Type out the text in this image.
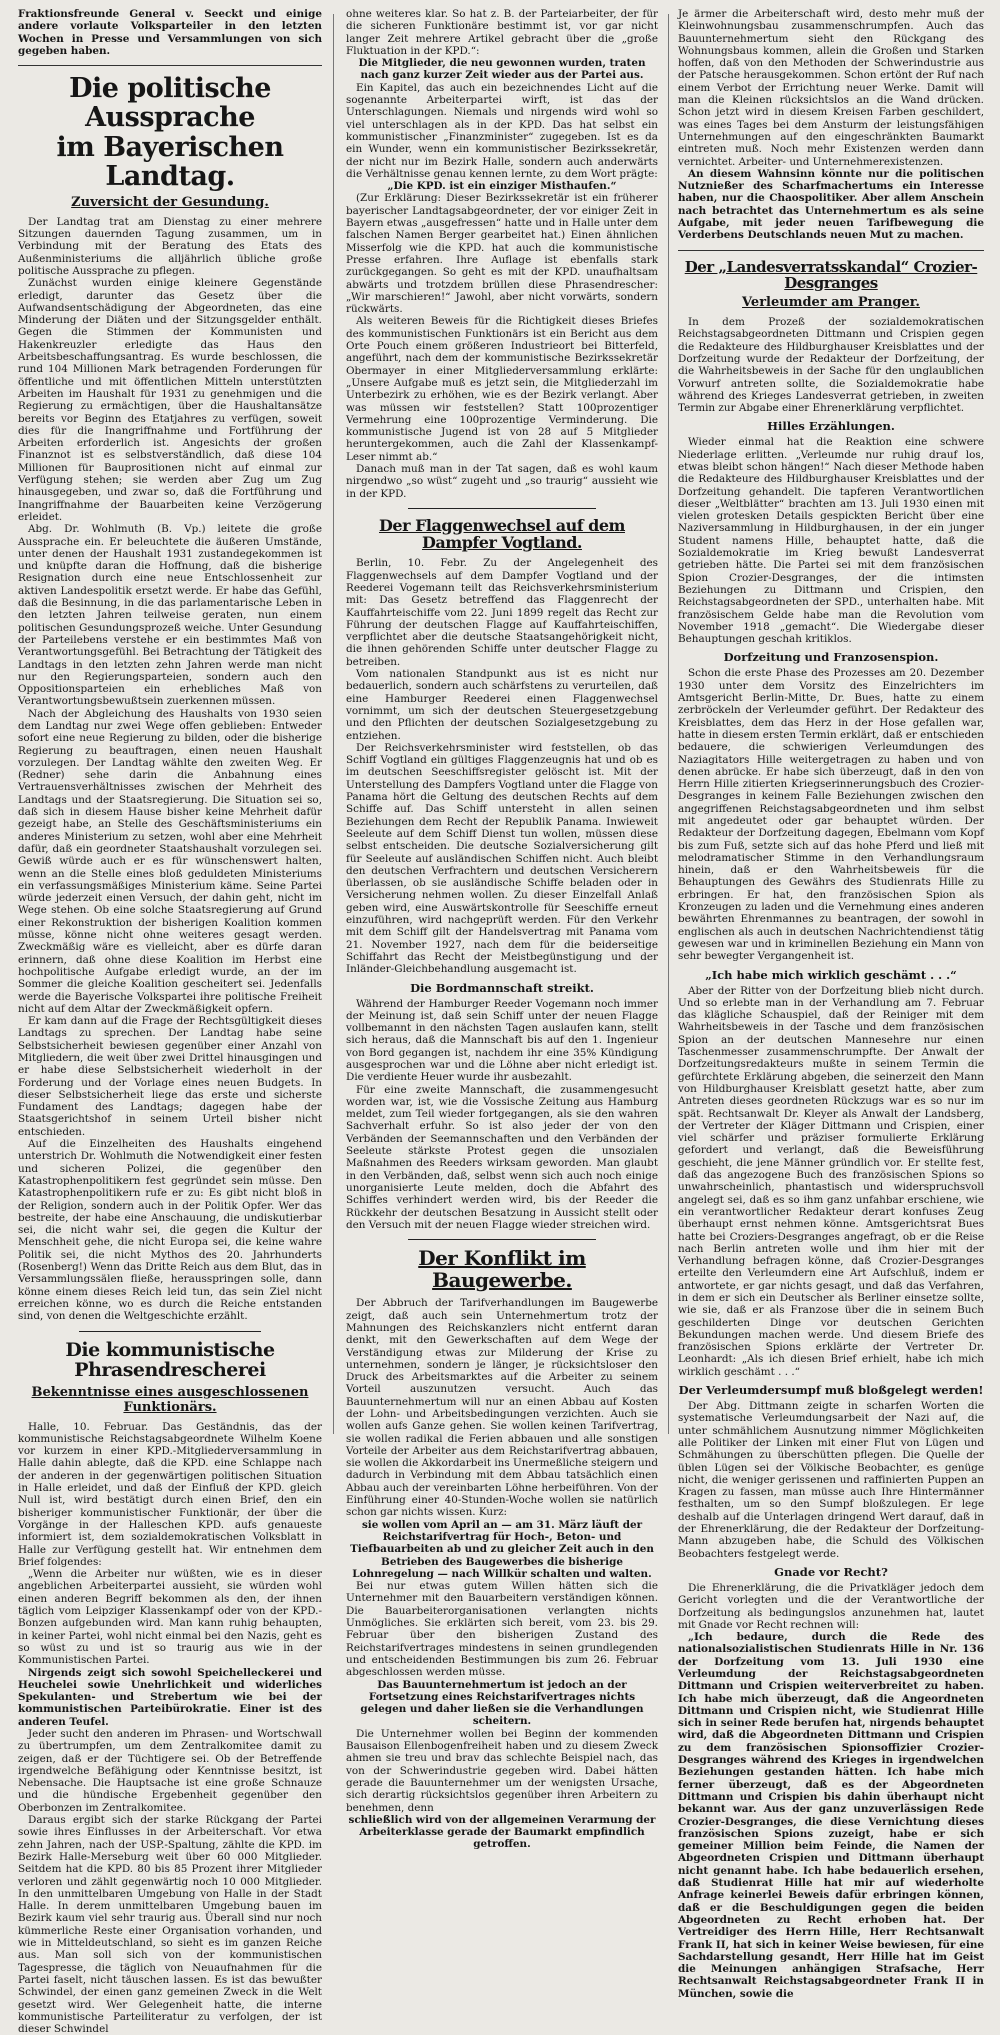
Fraktionsfreunde General v. Seeckt und einige andere vorlaute Volksparteiler in den letzten Wochen in Presse und Versammlungen von sich gegeben haben.

Die politische Aussprache
im Bayerischen Landtag.
Zuversicht der Gesundung.

Der Landtag trat am Dienstag zu einer mehrere Sitzungen dauernden Tagung zusammen, um in Verbindung mit der Beratung des Etats des Außenministeriums die alljährlich übliche große politische Aussprache zu pflegen.

Zunächst wurden einige kleinere Gegenstände erledigt, darunter das Gesetz über die Aufwandsentschädigung der Abgeordneten, das eine Minderung der Diäten und der Sitzungsgelder enthält. Gegen die Stimmen der Kommunisten und Hakenkreuzler erledigte das Haus den Arbeitsbeschaffungsantrag. Es wurde beschlossen, die rund 104 Millionen Mark betragenden Forderungen für öffentliche und mit öffentlichen Mitteln unterstützten Arbeiten im Haushalt für 1931 zu genehmigen und die Regierung zu ermächtigen, über die Haushaltansätze bereits vor Beginn des Etatjahres zu verfügen, soweit dies für die Inangriffnahme und Fortführung der Arbeiten erforderlich ist. Angesichts der großen Finanznot ist es selbstverständlich, daß diese 104 Millionen für Bauprositionen nicht auf einmal zur Verfügung stehen; sie werden aber Zug um Zug hinausgegeben, und zwar so, daß die Fortführung und Inangriffnahme der Bauarbeiten keine Verzögerung erleidet.

Abg. Dr. Wohlmuth (B. Vp.) leitete die große Aussprache ein. Er beleuchtete die äußeren Umstände, unter denen der Haushalt 1931 zustandegekommen ist und knüpfte daran die Hoffnung, daß die bisherige Resignation durch eine neue Entschlossenheit zur aktiven Landespolitik ersetzt werde. Er habe das Gefühl, daß die Besinnung, in die das parlamentarische Leben in den letzten Jahren teilweise geraten, nun einem politischen Gesundungsprozeß weiche. Unter Gesundung der Parteilebens verstehe er ein bestimmtes Maß von Verantwortungsgefühl. Bei Betrachtung der Tätigkeit des Landtags in den letzten zehn Jahren werde man nicht nur den Regierungsparteien, sondern auch den Oppositionsparteien ein erhebliches Maß von Verantwortungsbewußtsein zuerkennen müssen.

Nach der Abgleichung des Haushalts von 1930 seien dem Landtag nur zwei Wege offen geblieben: Entweder sofort eine neue Regierung zu bilden, oder die bisherige Regierung zu beauftragen, einen neuen Haushalt vorzulegen. Der Landtag wählte den zweiten Weg. Er (Redner) sehe darin die Anbahnung eines Vertrauensverhältnisses zwischen der Mehrheit des Landtags und der Staatsregierung. Die Situation sei so, daß sich in diesem Hause bisher keine Mehrheit dafür gezeigt habe, an Stelle des Geschäftsministeriums ein anderes Ministerium zu setzen, wohl aber eine Mehrheit dafür, daß ein geordneter Staatshaushalt vorzulegen sei. Gewiß würde auch er es für wünschenswert halten, wenn an die Stelle eines bloß geduldeten Ministeriums ein verfassungsmäßiges Ministerium käme. Seine Partei würde jederzeit einen Versuch, der dahin geht, nicht im Wege stehen. Ob eine solche Staatsregierung auf Grund einer Rekonstruktion der bisherigen Koalition kommen müsse, könne nicht ohne weiteres gesagt werden. Zweckmäßig wäre es vielleicht, aber es dürfe daran erinnern, daß ohne diese Koalition im Herbst eine hochpolitische Aufgabe erledigt wurde, an der im Sommer die gleiche Koalition gescheitert sei. Jedenfalls werde die Bayerische Volkspartei ihre politische Freiheit nicht auf dem Altar der Zweckmäßigkeit opfern.

Er kam dann auf die Frage der Rechtsgültigkeit dieses Landtags zu sprechen. Der Landtag habe seine Selbstsicherheit bewiesen gegenüber einer Anzahl von Mitgliedern, die weit über zwei Drittel hinausgingen und er habe diese Selbstsicherheit wiederholt in der Forderung und der Vorlage eines neuen Budgets. In dieser Selbstsicherheit liege das erste und sicherste Fundament des Landtags; dagegen habe der Staatsgerichtshof in seinem Urteil bisher nicht entschieden.

Auf die Einzelheiten des Haushalts eingehend unterstrich Dr. Wohlmuth die Notwendigkeit einer festen und sicheren Polizei, die gegenüber den Katastrophenpolitikern fest gegründet sein müsse. Den Katastrophenpolitikern rufe er zu: Es gibt nicht bloß in der Religion, sondern auch in der Politik Opfer. Wer das bestreite, der habe eine Anschauung, die undiskutierbar sei, die nicht wahr sei, die gegen die Kultur der Menschheit gehe, die nicht Europa sei, die keine wahre Politik sei, die nicht Mythos des 20. Jahrhunderts (Rosenberg!) Wenn das Dritte Reich aus dem Blut, das in Versammlungssälen fließe, herausspringen solle, dann könne einem dieses Reich leid tun, das sein Ziel nicht erreichen könne, wo es durch die Reiche entstanden sind, von denen die Weltgeschichte erzählt.

Die kommunistische Phrasendrescherei
Bekenntnisse eines ausgeschlossenen Funktionärs.

Halle, 10. Februar. Das Geständnis, das der kommunistische Reichstagsabgeordnete Wilhelm Koene vor kurzem in einer KPD.-Mitgliederversammlung in Halle dahin ablegte, daß die KPD. eine Schlappe nach der anderen in der gegenwärtigen politischen Situation in Halle erleidet, und daß der Einfluß der KPD. gleich Null ist, wird bestätigt durch einen Brief, den ein bisheriger kommunistischer Funktionär, der über die Vorgänge in der Halleschen KPD. aufs genaueste informiert ist, dem sozialdemokratischen Volksblatt in Halle zur Verfügung gestellt hat. Wir entnehmen dem Brief folgendes:

„Wenn die Arbeiter nur wüßten, wie es in dieser angeblichen Arbeiterpartei aussieht, sie würden wohl einen anderen Begriff bekommen als den, der ihnen täglich vom Leipziger Klassenkampf oder von der KPD.-Bonzen aufgebunden wird. Man kann ruhig behaupten, in keiner Partei, wohl nicht einmal bei den Nazis, geht es so wüst zu und ist so traurig aus wie in der Kommunistischen Partei.

Nirgends zeigt sich sowohl Speichelleckerei und Heuchelei sowie Unehrlichkeit und widerliches Spekulanten- und Strebertum wie bei der kommunistischen Parteibürokratie. Einer ist des anderen Teufel.

Jeder sucht den anderen im Phrasen- und Wortschwall zu übertrumpfen, um dem Zentralkomitee damit zu zeigen, daß er der Tüchtigere sei. Ob der Betreffende irgendwelche Befähigung oder Kenntnisse besitzt, ist Nebensache. Die Hauptsache ist eine große Schnauze und die hündische Ergebenheit gegenüber den Oberbonzen im Zentralkomitee.

Daraus ergibt sich der starke Rückgang der Partei sowie ihres Einflusses in der Arbeiterschaft. Vor etwa zehn Jahren, nach der USP.-Spaltung, zählte die KPD. im Bezirk Halle-Merseburg weit über 60 000 Mitglieder. Seitdem hat die KPD. 80 bis 85 Prozent ihrer Mitglieder verloren und zählt gegenwärtig noch 10 000 Mitglieder. In den unmittelbaren Umgebung von Halle in der Stadt Halle. In derem unmittelbaren Umgebung bauen im Bezirk kaum viel sehr traurig aus. Überall sind nur noch kümmerliche Reste einer Organisation vorhanden, und wie in Mitteldeutschland, so sieht es im ganzen Reiche aus. Man soll sich von der kommunistischen Tagespresse, die täglich von Neuaufnahmen für die Partei faselt, nicht täuschen lassen. Es ist das bewußter Schwindel, der einen ganz gemeinen Zweck in die Welt gesetzt wird. Wer Gelegenheit hatte, die interne kommunistische Parteiliteratur zu verfolgen, der ist dieser Schwindel

ohne weiteres klar. So hat z. B. der Parteiarbeiter, der für die sicheren Funktionäre bestimmt ist, vor gar nicht langer Zeit mehrere Artikel gebracht über die „große Fluktuation in der KPD.“:

Die Mitglieder, die neu gewonnen wurden, traten nach ganz kurzer Zeit wieder aus der Partei aus.

Ein Kapitel, das auch ein bezeichnendes Licht auf die sogenannte Arbeiterpartei wirft, ist das der Unterschlagungen. Niemals und nirgends wird wohl so viel unterschlagen als in der KPD. Das hat selbst ein kommunistischer „Finanzminister“ zugegeben. Ist es da ein Wunder, wenn ein kommunistischer Bezirkssekretär, der nicht nur im Bezirk Halle, sondern auch anderwärts die Verhältnisse genau kennen lernte, zu dem Wort prägte:

„Die KPD. ist ein einziger Misthaufen.“

(Zur Erklärung: Dieser Bezirkssekretär ist ein früherer bayerischer Landtagsabgeordneter, der vor einiger Zeit in Bayern etwas „ausgefressen“ hatte und in Halle unter dem falschen Namen Berger gearbeitet hat.) Einen ähnlichen Misserfolg wie die KPD. hat auch die kommunistische Presse erfahren. Ihre Auflage ist ebenfalls stark zurückgegangen. So geht es mit der KPD. unaufhaltsam abwärts und trotzdem brüllen diese Phrasendrescher: „Wir marschieren!“ Jawohl, aber nicht vorwärts, sondern rückwärts.

Als weiteren Beweis für die Richtigkeit dieses Briefes des kommunistischen Funktionärs ist ein Bericht aus dem Orte Pouch einem größeren Industrieort bei Bitterfeld, angeführt, nach dem der kommunistische Bezirkssekretär Obermayer in einer Mitgliederversammlung erklärte: „Unsere Aufgabe muß es jetzt sein, die Mitgliederzahl im Unterbezirk zu erhöhen, wie es der Bezirk verlangt. Aber was müssen wir feststellen? Statt 100prozentiger Vermehrung eine 100prozentige Verminderung. Die kommunistische Jugend ist von 28 auf 5 Mitglieder heruntergekommen, auch die Zahl der Klassenkampf-Leser nimmt ab.“

Danach muß man in der Tat sagen, daß es wohl kaum nirgendwo „so wüst“ zugeht und „so traurig“ aussieht wie in der KPD.

Der Flaggenwechsel auf dem Dampfer Vogtland.

Berlin, 10. Febr. Zu der Angelegenheit des Flaggenwechsels auf dem Dampfer Vogtland und der Reederei Vogemann teilt das Reichsverkehrsministerium mit: Das Gesetz betreffend das Flaggenrecht der Kauffahrteischiffe vom 22. Juni 1899 regelt das Recht zur Führung der deutschen Flagge auf Kauffahrteischiffen, verpflichtet aber die deutsche Staatsangehörigkeit nicht, die ihnen gehörenden Schiffe unter deutscher Flagge zu betreiben.

Vom nationalen Standpunkt aus ist es nicht nur bedauerlich, sondern auch schärfstens zu verurteilen, daß eine Hamburger Reederei einen Flaggenwechsel vornimmt, um sich der deutschen Steuergesetzgebung und den Pflichten der deutschen Sozialgesetzgebung zu entziehen.

Der Reichsverkehrsminister wird feststellen, ob das Schiff Vogtland ein gültiges Flaggenzeugnis hat und ob es im deutschen Seeschiffsregister gelöscht ist. Mit der Unterstellung des Dampfers Vogtland unter die Flagge von Panama hört die Geltung des deutschen Rechts auf dem Schiffe auf. Das Schiff untersteht in allen seinen Beziehungen dem Recht der Republik Panama. Inwieweit Seeleute auf dem Schiff Dienst tun wollen, müssen diese selbst entscheiden. Die deutsche Sozialversicherung gilt für Seeleute auf ausländischen Schiffen nicht. Auch bleibt den deutschen Verfrachtern und deutschen Versicherern überlassen, ob sie ausländische Schiffe beladen oder in Versicherung nehmen wollen. Zu dieser Einzelfall Anlaß geben wird, eine Auswärtskontrolle für Seeschiffe erneut einzuführen, wird nachgeprüft werden. Für den Verkehr mit dem Schiff gilt der Handelsvertrag mit Panama vom 21. November 1927, nach dem für die beiderseitige Schiffahrt das Recht der Meistbegünstigung und der Inländer-Gleichbehandlung ausgemacht ist.

Die Bordmannschaft streikt.

Während der Hamburger Reeder Vogemann noch immer der Meinung ist, daß sein Schiff unter der neuen Flagge vollbemannt in den nächsten Tagen auslaufen kann, stellt sich heraus, daß die Mannschaft bis auf den 1. Ingenieur von Bord gegangen ist, nachdem ihr eine 35% Kündigung ausgesprochen war und die Löhne aber nicht erledigt ist. Die verdiente Heuer wurde ihr ausbezahlt.

Für eine zweite Mannschaft, die zusammengesucht worden war, ist, wie die Vossische Zeitung aus Hamburg meldet, zum Teil wieder fortgegangen, als sie den wahren Sachverhalt erfuhr. So ist also jeder der von den Verbänden der Seemannschaften und den Verbänden der Seeleute stärkste Protest gegen die unsozialen Maßnahmen des Reeders wirksam geworden. Man glaubt in den Verbänden, daß, selbst wenn sich auch noch einige unorganisierte Leute melden, doch die Abfahrt des Schiffes verhindert werden wird, bis der Reeder die Rückkehr der deutschen Besatzung in Aussicht stellt oder den Versuch mit der neuen Flagge wieder streichen wird.

Der Konflikt im Baugewerbe.

Der Abbruch der Tarifverhandlungen im Baugewerbe zeigt, daß auch sein Unternehmertum trotz der Mahnungen des Reichskanzlers nicht entfernt daran denkt, mit den Gewerkschaften auf dem Wege der Verständigung etwas zur Milderung der Krise zu unternehmen, sondern je länger, je rücksichtsloser den Druck des Arbeitsmarktes auf die Arbeiter zu seinem Vorteil auszunutzen versucht. Auch das Bauunternehmertum will nur an einen Abbau auf Kosten der Lohn- und Arbeitsbedingungen verzichten. Auch sie wollen aufs Ganze gehen. Sie wollen keinen Tarifvertrag, sie wollen radikal die Ferien abbauen und alle sonstigen Vorteile der Arbeiter aus dem Reichstarifvertrag abbauen, sie wollen die Akkordarbeit ins Unermeßliche steigern und dadurch in Verbindung mit dem Abbau tatsächlich einen Abbau auch der vereinbarten Löhne herbeiführen. Von der Einführung einer 40-Stunden-Woche wollen sie natürlich schon gar nichts wissen. Kurz:

sie wollen vom April an — am 31. März läuft der Reichstarifvertrag für Hoch-, Beton- und Tiefbauarbeiten ab und zu gleicher Zeit auch in den Betrieben des Baugewerbes die bisherige Lohnregelung — nach Willkür schalten und walten.

Bei nur etwas gutem Willen hätten sich die Unternehmer mit den Bauarbeitern verständigen können. Die Bauarbeiterorganisationen verlangten nichts Unmögliches. Sie erklärten sich bereit, vom 23. bis 29. Februar über den bisherigen Zustand des Reichstarifvertrages mindestens in seinen grundlegenden und entscheidenden Bestimmungen bis zum 26. Februar abgeschlossen werden müsse.

Das Bauunternehmertum ist jedoch an der Fortsetzung eines Reichstarifvertrages nichts gelegen und daher ließen sie die Verhandlungen scheitern.

Die Unternehmer wollen bei Beginn der kommenden Bausaison Ellenbogenfreiheit haben und zu diesem Zweck ahmen sie treu und brav das schlechte Beispiel nach, das von der Schwerindustrie gegeben wird. Dabei hätten gerade die Bauunternehmer um der wenigsten Ursache, sich derartig rücksichtslos gegenüber ihren Arbeitern zu benehmen, denn

schließlich wird von der allgemeinen Verarmung der Arbeiterklasse gerade der Baumarkt empfindlich getroffen.

Je ärmer die Arbeiterschaft wird, desto mehr muß der Kleinwohnungsbau zusammenschrumpfen. Auch das Bauunternehmertum sieht den Rückgang des Wohnungsbaus kommen, allein die Großen und Starken hoffen, daß von den Methoden der Schwerindustrie aus der Patsche herausgekommen. Schon ertönt der Ruf nach einem Verbot der Errichtung neuer Werke. Damit will man die Kleinen rücksichtslos an die Wand drücken. Schon jetzt wird in diesem Kreisen Farben geschildert, was eines Tages bei dem Ansturm der leistungsfähigen Unternehmungen auf den eingeschränkten Baumarkt eintreten muß. Noch mehr Existenzen werden dann vernichtet. Arbeiter- und Unternehmerexistenzen.

An diesem Wahnsinn könnte nur die politischen Nutznießer des Scharfmachertums ein Interesse haben, nur die Chaospolitiker. Aber allem Anschein nach betrachtet das Unternehmertum es als seine Aufgabe, mit jeder neuen Tarifbewegung die Verderbens Deutschlands neuen Mut zu machen.

Der „Landesverratsskandal“ Crozier-Desgranges
Verleumder am Pranger.

In dem Prozeß der sozialdemokratischen Reichstagsabgeordneten Dittmann und Crispien gegen die Redakteure des Hildburghauser Kreisblattes und der Dorfzeitung wurde der Redakteur der Dorfzeitung, der die Wahrheitsbeweis in der Sache für den unglaublichen Vorwurf antreten sollte, die Sozialdemokratie habe während des Krieges Landesverrat getrieben, in zweiten Termin zur Abgabe einer Ehrenerklärung verpflichtet.

Hilles Erzählungen.

Wieder einmal hat die Reaktion eine schwere Niederlage erlitten. „Verleumde nur ruhig drauf los, etwas bleibt schon hängen!“ Nach dieser Methode haben die Redakteure des Hildburghauser Kreisblattes und der Dorfzeitung gehandelt. Die tapferen Verantwortlichen dieser „Weltblätter“ brachten am 13. Juli 1930 einen mit vielen grotesken Details gespickten Bericht über eine Naziversammlung in Hildburghausen, in der ein junger Student namens Hille, behauptet hatte, daß die Sozialdemokratie im Krieg bewußt Landesverrat getrieben hätte. Die Partei sei mit dem französischen Spion Crozier-Desgranges, der die intimsten Beziehungen zu Dittmann und Crispien, den Reichstagsabgeordneten der SPD., unterhalten habe. Mit französischem Gelde habe man die Revolution vom November 1918 „gemacht“. Die Wiedergabe dieser Behauptungen geschah kritiklos.

Dorfzeitung und Franzosenspion.

Schon die erste Phase des Prozesses am 20. Dezember 1930 unter dem Vorsitz des Einzelrichters im Amtsgericht Berlin-Mitte, Dr. Bues, hatte zu einem zerbröckeln der Verleumder geführt. Der Redakteur des Kreisblattes, dem das Herz in der Hose gefallen war, hatte in diesem ersten Termin erklärt, daß er entschieden bedauere, die schwierigen Verleumdungen des Naziagitators Hille weitergetragen zu haben und von denen abrücke. Er habe sich überzeugt, daß in den von Herrn Hille zitierten Kriegserinnerungsbuch des Crozier-Desgranges in keinem Falle Beziehungen zwischen den angegriffenen Reichstagsabgeordneten und ihm selbst mit angedeutet oder gar behauptet würden. Der Redakteur der Dorfzeitung dagegen, Ebelmann vom Kopf bis zum Fuß, setzte sich auf das hohe Pferd und ließ mit melodramatischer Stimme in den Verhandlungsraum hinein, daß er den Wahrheitsbeweis für die Behauptungen des Gewährs des Studienrats Hille zu erbringen. Er hat, den französischen Spion als Kronzeugen zu laden und die Vernehmung eines anderen bewährten Ehrenmannes zu beantragen, der sowohl in englischen als auch in deutschen Nachrichtendienst tätig gewesen war und in kriminellen Beziehung ein Mann von sehr bewegter Vergangenheit ist.

„Ich habe mich wirklich geschämt . . .“

Aber der Ritter von der Dorfzeitung blieb nicht durch. Und so erlebte man in der Verhandlung am 7. Februar das klägliche Schauspiel, daß der Reiniger mit dem Wahrheitsbeweis in der Tasche und dem französischen Spion an der deutschen Mannesehre nur einen Taschenmesser zusammenschrumpfte. Der Anwalt der Dorfzeitungsredakteurs mußte in seinem Termin die gefürchtete Erklärung abgeben, die seinerzeit den Mann von Hildburghauser Kreisblatt gesetzt hatte, aber zum Antreten dieses geordneten Rückzugs war es so nur im spät. Rechtsanwalt Dr. Kleyer als Anwalt der Landsberg, der Vertreter der Kläger Dittmann und Crispien, einer viel schärfer und präziser formulierte Erklärung gefordert und verlangt, daß die Beweisführung geschieht, die jene Männer gründlich vor. Er stellte fest, daß das angezogene Buch des französischen Spions so unwahrscheinlich, phantastisch und widerspruchsvoll angelegt sei, daß es so ihm ganz unfahbar erschiene, wie ein verantwortlicher Redakteur derart konfuses Zeug überhaupt ernst nehmen könne. Amtsgerichtsrat Bues hatte bei Croziers-Desgranges angefragt, ob er die Reise nach Berlin antreten wolle und ihm hier mit der Verhandlung befragen könne, daß Crozier-Desgranges erteilte den Verleumdern eine Art Aufschluß, indem er antwortete, er gar nichts gesagt, und daß das Verfahren, in dem er sich ein Deutscher als Berliner einsetze sollte, wie sie, daß er als Franzose über die in seinem Buch geschilderten Dinge vor deutschen Gerichten Bekundungen machen werde. Und diesem Briefe des französischen Spions erklärte der Vertreter Dr. Leonhardt: „Als ich diesen Brief erhielt, habe ich mich wirklich geschämt . . .“

Der Verleumdersumpf muß bloßgelegt werden!

Der Abg. Dittmann zeigte in scharfen Worten die systematische Verleumdungsarbeit der Nazi auf, die unter schmählichem Ausnutzung nimmer Möglichkeiten alle Politiker der Linken mit einer Flut von Lügen und Schmähungen zu überschütten pflegen. Die Quelle der üblen Lügen sei der Völkische Beobachter, es genüge nicht, die weniger gerissenen und raffinierten Puppen an Kragen zu fassen, man müsse auch Ihre Hintermänner festhalten, um so den Sumpf bloßzulegen. Er lege deshalb auf die Unterlagen dringend Wert darauf, daß in der Ehrenerklärung, die der Redakteur der Dorfzeitung-Mann abzugeben habe, die Schuld des Völkischen Beobachters festgelegt werde.

Gnade vor Recht?

Die Ehrenerklärung, die die Privatkläger jedoch dem Gericht vorlegten und die der Verantwortliche der Dorfzeitung als bedingungslos anzunehmen hat, lautet mit Gnade vor Recht rechnen will:

„Ich bedaure, durch die Rede des nationalsozialistischen Studienrats Hille in Nr. 136 der Dorfzeitung vom 13. Juli 1930 eine Verleumdung der Reichstagsabgeordneten Dittmann und Crispien weiterverbreitet zu haben. Ich habe mich überzeugt, daß die Angeordneten Dittmann und Crispien nicht, wie Studienrat Hille sich in seiner Rede berufen hat, nirgends behauptet wird, daß die Abgeordneten Dittmann und Crispien zu dem französischen Spionsoffizier Crozier-Desgranges während des Krieges in irgendwelchen Beziehungen gestanden hätten. Ich habe mich ferner überzeugt, daß es der Abgeordneten Dittmann und Crispien bis dahin überhaupt nicht bekannt war. Aus der ganz unzuverlässigen Rede Crozier-Desgranges, die diese Vernichtung dieses französischen Spions zuzeigt, habe er sich gemeiner Million beim Feinde, die Namen der Abgeordneten Crispien und Dittmann überhaupt nicht genannt habe. Ich habe bedauerlich ersehen, daß Studienrat Hille hat mir auf wiederholte Anfrage keinerlei Beweis dafür erbringen können, daß er die Beschuldigungen gegen die beiden Abgeordneten zu Recht erhoben hat. Der Vertreidiger des Herrn Hille, Herr Rechtsanwalt Frank II, hat sich in keiner Weise bewiesen, für eine Sachdarstellung gesandt, Herr Hille hat im Geist die Meinungen anhängigen Strafsache, Herr Rechtsanwalt Reichstagsabgeordneter Frank II in München, sowie die
